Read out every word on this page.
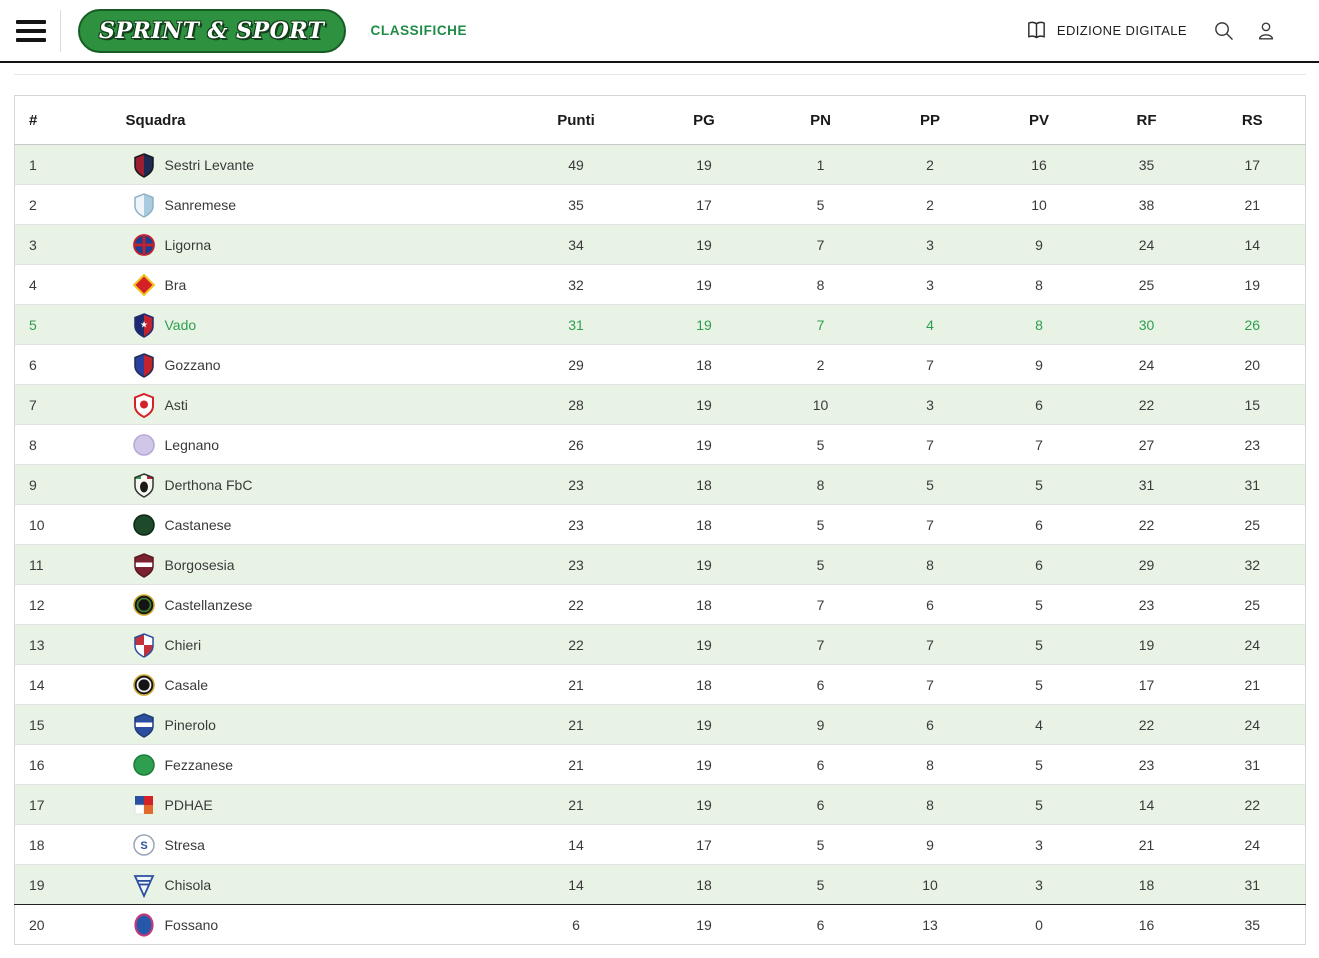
SPRINT & SPORT	CLASSIFICHE	EDIZIONE DIGITALE
#	Squadra	Punti	PG	PN	PP	PV	RF	RS
1	Sestri Levante	49	19	1	2	16	35	17
2	Sanremese	35	17	5	2	10	38	21
3	Ligorna	34	19	7	3	9	24	14
4	Bra	32	19	8	3	8	25	19
5	★ Vado	31	19	7	4	8	30	26
6	Gozzano	29	18	2	7	9	24	20
7	Asti	28	19	10	3	6	22	15
8	Legnano	26	19	5	7	7	27	23
9	Derthona FbC	23	18	8	5	5	31	31
10	Castanese	23	18	5	7	6	22	25
11	Borgosesia	23	19	5	8	6	29	32
12	Castellanzese	22	18	7	6	5	23	25
13	Chieri	22	19	7	7	5	19	24
14	Casale	21	18	6	7	5	17	21
15	Pinerolo	21	19	9	6	4	22	24
16	Fezzanese	21	19	6	8	5	23	31
17	PDHAE	21	19	6	8	5	14	22
18	S Stresa	14	17	5	9	3	21	24
19	Chisola	14	18	5	10	3	18	31
20	Fossano	6	19	6	13	0	16	35
